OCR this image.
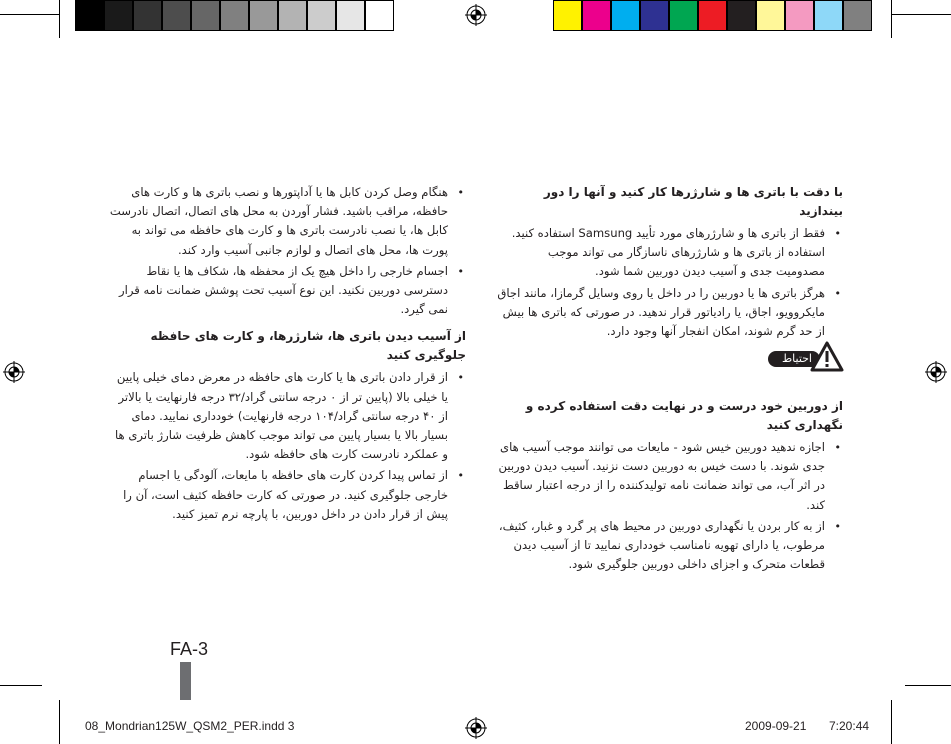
با دقت با باتری ها و شارژرها کار کنید و آنها را دور بیندازید

•
فقط از باتری ها و شارژرهای مورد تأیید Samsung استفاده کنید. استفاده از باتری ها و شارژرهای ناسازگار می تواند موجب مصدومیت جدی و آسیب دیدن دوربین شما شود.
•
هرگز باتری ها یا دوربین را در داخل یا روی وسایل گرمازا، مانند اجاق مایکروویو، اجاق، یا رادیاتور قرار ندهید. در صورتی که باتری ها بیش از حد گرم شوند، امکان انفجار آنها وجود دارد.
احتیاط

از دوربین خود درست و در نهایت دقت استفاده کرده و نگهداری کنید

•
اجازه ندهید دوربین خیس شود - مایعات می توانند موجب آسیب های جدی شوند. با دست خیس به دوربین دست نزنید. آسیب دیدن دوربین در اثر آب، می تواند ضمانت نامه تولیدکننده را از درجه اعتبار ساقط کند.
•
از به کار بردن یا نگهداری دوربین در محیط های پر گرد و غبار، کثیف، مرطوب، یا دارای تهویه نامناسب خودداری نمایید تا از آسیب دیدن قطعات متحرک و اجزای داخلی دوربین جلوگیری شود.
•
هنگام وصل کردن کابل ها یا آداپتورها و نصب باتری ها و کارت های حافظه، مراقب باشید. فشار آوردن به محل های اتصال، اتصال نادرست کابل ها، یا نصب نادرست باتری ها و کارت های حافظه می تواند به پورت ها، محل های اتصال و لوازم جانبی آسیب وارد کند.
•
اجسام خارجی را داخل هیچ یک از محفظه ها، شکاف ها یا نقاط دسترسی دوربین نکنید. این نوع آسیب تحت پوشش ضمانت نامه قرار نمی گیرد.

از آسیب دیدن باتری ها، شارژرها، و کارت های حافظه جلوگیری کنید

•
از قرار دادن باتری ها یا کارت های حافظه در معرض دمای خیلی پایین یا خیلی بالا (پایین تر از ۰ درجه سانتی گراد/۳۲ درجه فارنهایت یا بالاتر از ۴۰ درجه سانتی گراد/۱۰۴ درجه فارنهایت) خودداری نمایید. دمای بسیار بالا یا بسیار پایین می تواند موجب کاهش ظرفیت شارژ باتری ها و عملکرد نادرست کارت های حافظه شود.
•
از تماس پیدا کردن کارت های حافظه با مایعات، آلودگی یا اجسام خارجی جلوگیری کنید. در صورتی که کارت حافظه کثیف است، آن را پیش از قرار دادن در داخل دوربین، با پارچه نرم تمیز کنید.
FA-3
08_Mondrian125W_QSM2_PER.indd 3	2009-09-21 7:20:44
